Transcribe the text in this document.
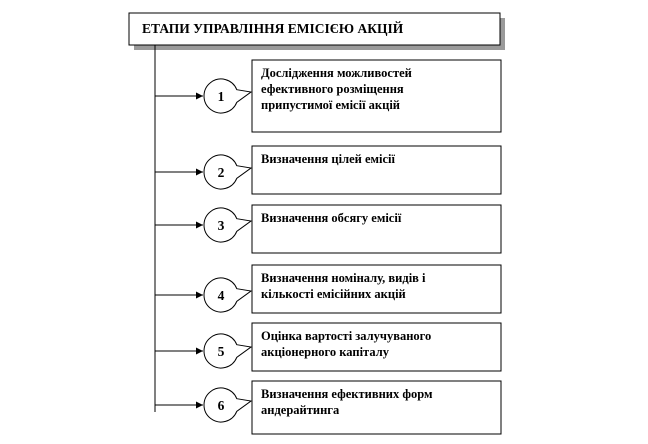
ЕТАПИ УПРАВЛІННЯ ЕМІСІЄЮ АКЦІЙ
1
Дослідження можливостей
ефективного розміщення
припустимої емісії акцій
2
Визначення цілей емісії
3	Визначення обсягу емісії
4
Визначення номіналу, видів і
кількості емісійних акцій
5
Оцінка вартості залучуваного
акціонерного капіталу
6
Визначення ефективних форм
андерайтинга
